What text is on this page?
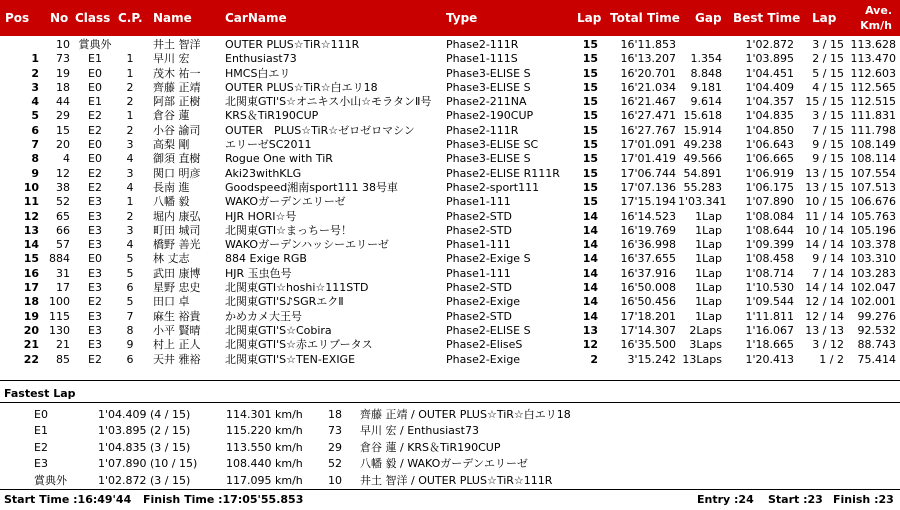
Pos	No Class C.P. Name	CarName	Type	Lap Total Time Gap Best Time Lap
Ave.
Km/h
10 賞典外	井土 智洋	OUTER PLUS☆TiR☆111R	Phase2-111R	15	16'11.853	1'02.872	3 / 15 113.628
1	73	E1	1	早川 宏	Enthusiast73	Phase1-111S	15	16'13.207	1.354	1'03.895	2 / 15 113.470
2	19	E0	1	茂木 祐一	HMCS白エリ	Phase3-ELISE S	15	16'20.701	8.848	1'04.451	5 / 15 112.603
3	18	E0	2	齊藤 正靖	OUTER PLUS☆TiR☆白エリ18	Phase3-ELISE S	15	16'21.034	9.181	1'04.409	4 / 15 112.565
4	44	E1	2	阿部 正樹	北関東GTI'S☆オニキス小山☆モラタンⅡ号	Phase2-211NA	15	16'21.467	9.614	1'04.357	15 / 15 112.515
5	29	E2	1	倉谷 蓮	KRS＆TiR190CUP	Phase2-190CUP	15	16'27.471 15.618	1'04.835	3 / 15 111.831
6	15	E2	2	小谷 諭司	OUTER　PLUS☆TiR☆ゼロゼロマシン	Phase2-111R	15	16'27.767 15.914	1'04.850	7 / 15 111.798
7	20	E0	3	高梨 剛	エリーゼSC2011	Phase3-ELISE SC	15	17'01.091 49.238	1'06.643	9 / 15 108.149
8	4	E0	4	御須 直樹	Rogue One with TiR	Phase3-ELISE S	15	17'01.419 49.566	1'06.665	9 / 15 108.114
9	12	E2	3	関口 明彦	Aki23withKLG	Phase2-ELISE R111R	15	17'06.744 54.891	1'06.919	13 / 15 107.554
10	38	E2	4	長南 進	Goodspeed湘南sport111 38号車	Phase2-sport111	15	17'07.136 55.283	1'06.175	13 / 15 107.513
11	52	E3	1	八幡 毅	WAKOガーデンエリーゼ	Phase1-111	15	17'15.194 1'03.341	1'07.890	10 / 15 106.676
12	65	E3	2	堀内 康弘	HJR HORI☆号	Phase2-STD	14	16'14.523	1Lap	1'08.084	11 / 14 105.763
13	66	E3	3	町田 城司	北関東GTI☆まっちー号！	Phase2-STD	14	16'19.769	1Lap	1'08.644	10 / 14 105.196
14	57	E3	4	橋野 善光	WAKOガーデンハッシーエリーゼ	Phase1-111	14	16'36.998	1Lap	1'09.399	14 / 14 103.378
15 884	E0	5	林 丈志	884 Exige RGB	Phase2-Exige S	14	16'37.655	1Lap	1'08.458	9 / 14 103.310
16	31	E3	5	武田 康博	HJR 玉虫色号	Phase1-111	14	16'37.916	1Lap	1'08.714	7 / 14 103.283
17	17	E3	6	星野 忠史	北関東GTI☆hoshi☆111STD	Phase2-STD	14	16'50.008	1Lap	1'10.530	14 / 14 102.047
18 100	E2	5	田口 卓	北関東GTI'S♪SGRエクⅡ	Phase2-Exige	14	16'50.456	1Lap	1'09.544	12 / 14 102.001
19 115	E3	7	麻生 裕貴	かめカメ大王号	Phase2-STD	14	17'18.201	1Lap	1'11.811	12 / 14	99.276
20 130	E3	8	小平 賢晴	北関東GTI'S☆Cobira	Phase2-ELISE S	13	17'14.307	2Laps	1'16.067	13 / 13	92.532
21	21	E3	9	村上 正人	北関東GTI'S☆赤エリブータス	Phase2-EliseS	12	16'35.500	3Laps	1'18.665	3 / 12	88.743
22	85	E2	6	天井 雅裕	北関東GTI'S☆TEN-EXIGE	Phase2-Exige	2	3'15.242 13Laps	1'20.413	1 / 2	75.414
Fastest Lap
E0	1'04.409 (4 / 15)	114.301 km/h	18	齊藤 正靖 / OUTER PLUS☆TiR☆白エリ18
E1	1'03.895 (2 / 15)	115.220 km/h	73	早川 宏 / Enthusiast73
E2	1'04.835 (3 / 15)	113.550 km/h	29	倉谷 蓮 / KRS＆TiR190CUP
E3	1'07.890 (10 / 15)	108.440 km/h	52	八幡 毅 / WAKOガーデンエリーゼ
賞典外	1'02.872 (3 / 15)	117.095 km/h	10	井土 智洋 / OUTER PLUS☆TiR☆111R
Start Time :16:49'44 Finish Time :17:05'55.853	Entry :24 Start :23 Finish :23
